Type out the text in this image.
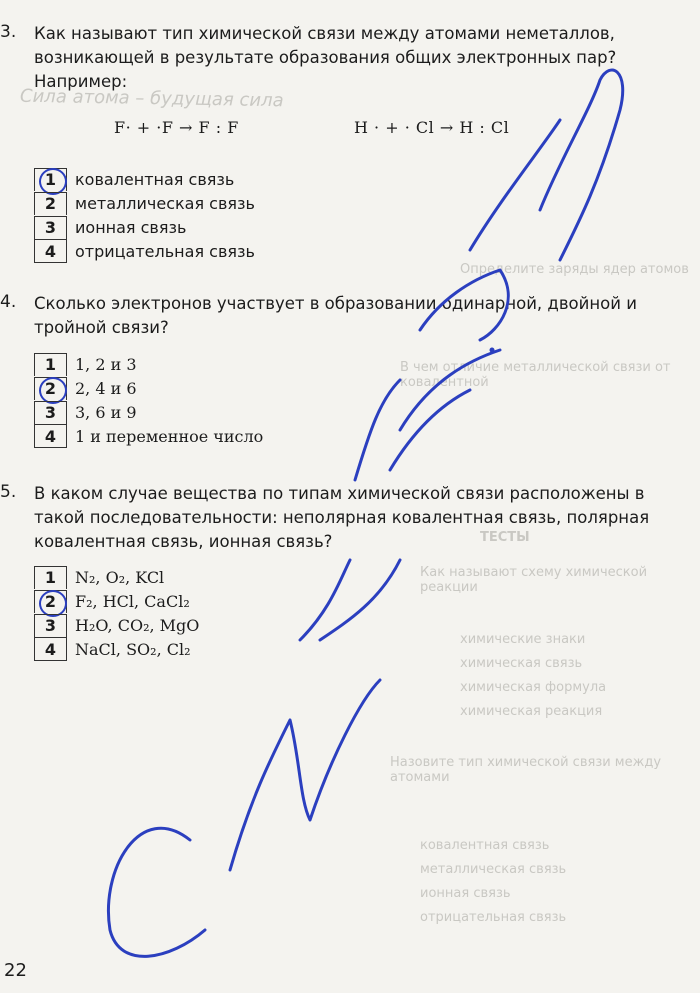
Сила атома – будущая сила
Определите заряды ядер атомов
В чем отличие металлической связи от ковалентной
ТЕСТЫ
Как называют схему химической реакции
химические знаки
химическая связь
химическая формула
химическая реакция
Назовите тип химической связи между атомами
ковалентная связь
металлическая связь
ионная связь
отрицательная связь
3. Как называют тип химической связи между атомами неметаллов, возникающей в результате образования общих электронных пар? Например:
F· + ·F → F : F	H · + · Cl → H : Cl
1 ковалентная связь
2 металлическая связь
3 ионная связь
4 отрицательная связь
4. Сколько электронов участвует в образовании одинарной, двойной и тройной связи?
1 1, 2 и 3
2 2, 4 и 6
3 3, 6 и 9
4 1 и переменное число
5. В каком случае вещества по типам химической связи расположены в такой последовательности: неполярная ковалентная связь, полярная ковалентная связь, ионная связь?
1 N₂, O₂, KCl
2 F₂, HCl, CaCl₂
3 H₂O, CO₂, MgO
4 NaCl, SO₂, Cl₂
22
